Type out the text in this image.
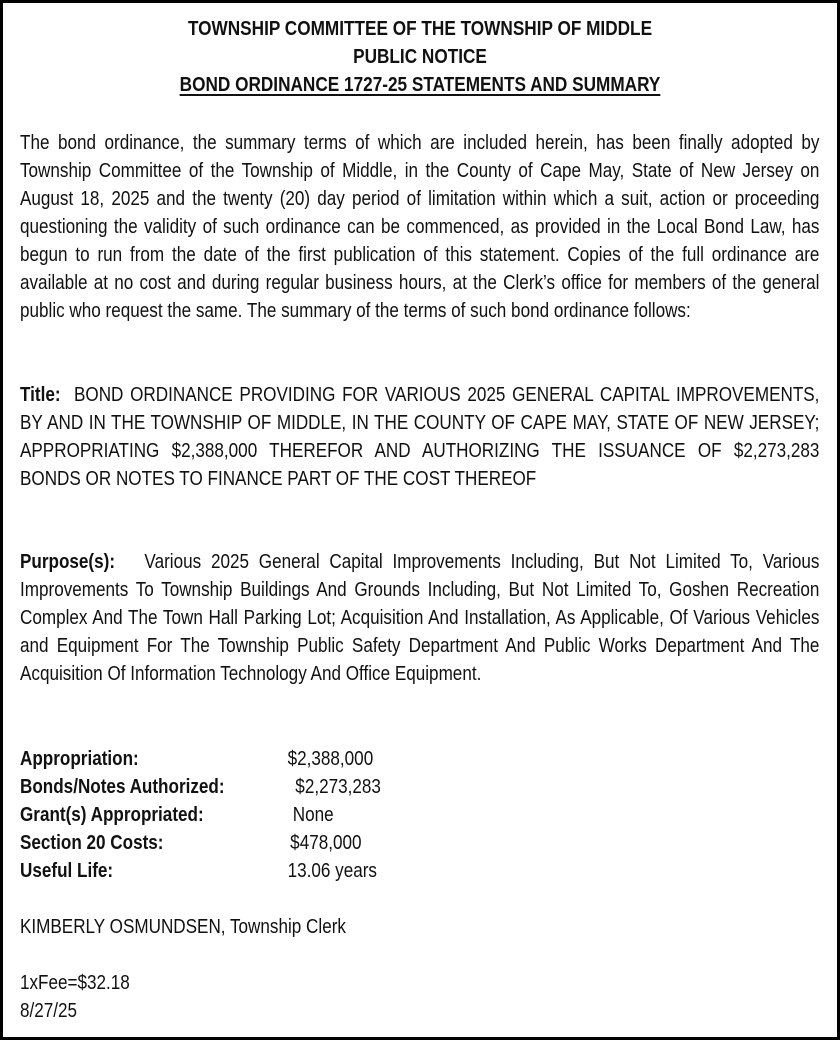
TOWNSHIP COMMITTEE OF THE TOWNSHIP OF MIDDLE
PUBLIC NOTICE
BOND ORDINANCE 1727-25 STATEMENTS AND SUMMARY
The bond ordinance, the summary terms of which are included herein, has been finally adopted by Township Committee of the Township of Middle, in the County of Cape May, State of New Jersey on August 18, 2025 and the twenty (20) day period of limitation within which a suit, action or proceeding questioning the validity of such ordinance can be commenced, as provided in the Local Bond Law, has begun to run from the date of the first publication of this statement. Copies of the full ordinance are available at no cost and during regular business hours, at the Clerk’s office for members of the general public who request the same. The summary of the terms of such bond ordinance follows:
Title: BOND ORDINANCE PROVIDING FOR VARIOUS 2025 GENERAL CAPITAL IMPROVEMENTS, BY AND IN THE TOWNSHIP OF MIDDLE, IN THE COUNTY OF CAPE MAY, STATE OF NEW JERSEY; APPROPRIATING $2,388,000 THEREFOR AND AUTHORIZING THE ISSUANCE OF $2,273,283 BONDS OR NOTES TO FINANCE PART OF THE COST THEREOF
Purpose(s): Various 2025 General Capital Improvements Including, But Not Limited To, Various Improvements To Township Buildings And Grounds Including, But Not Limited To, Goshen Recreation Complex And The Town Hall Parking Lot; Acquisition And Installation, As Applicable, Of Various Vehicles and Equipment For The Township Public Safety Department And Public Works Department And The Acquisition Of Information Technology And Office Equipment.
Appropriation:	$2,388,000
Bonds/Notes Authorized:	$2,273,283
Grant(s) Appropriated:	None
Section 20 Costs:	$478,000
Useful Life:	13.06 years
KIMBERLY OSMUNDSEN, Township Clerk
1xFee=$32.18
8/27/25
